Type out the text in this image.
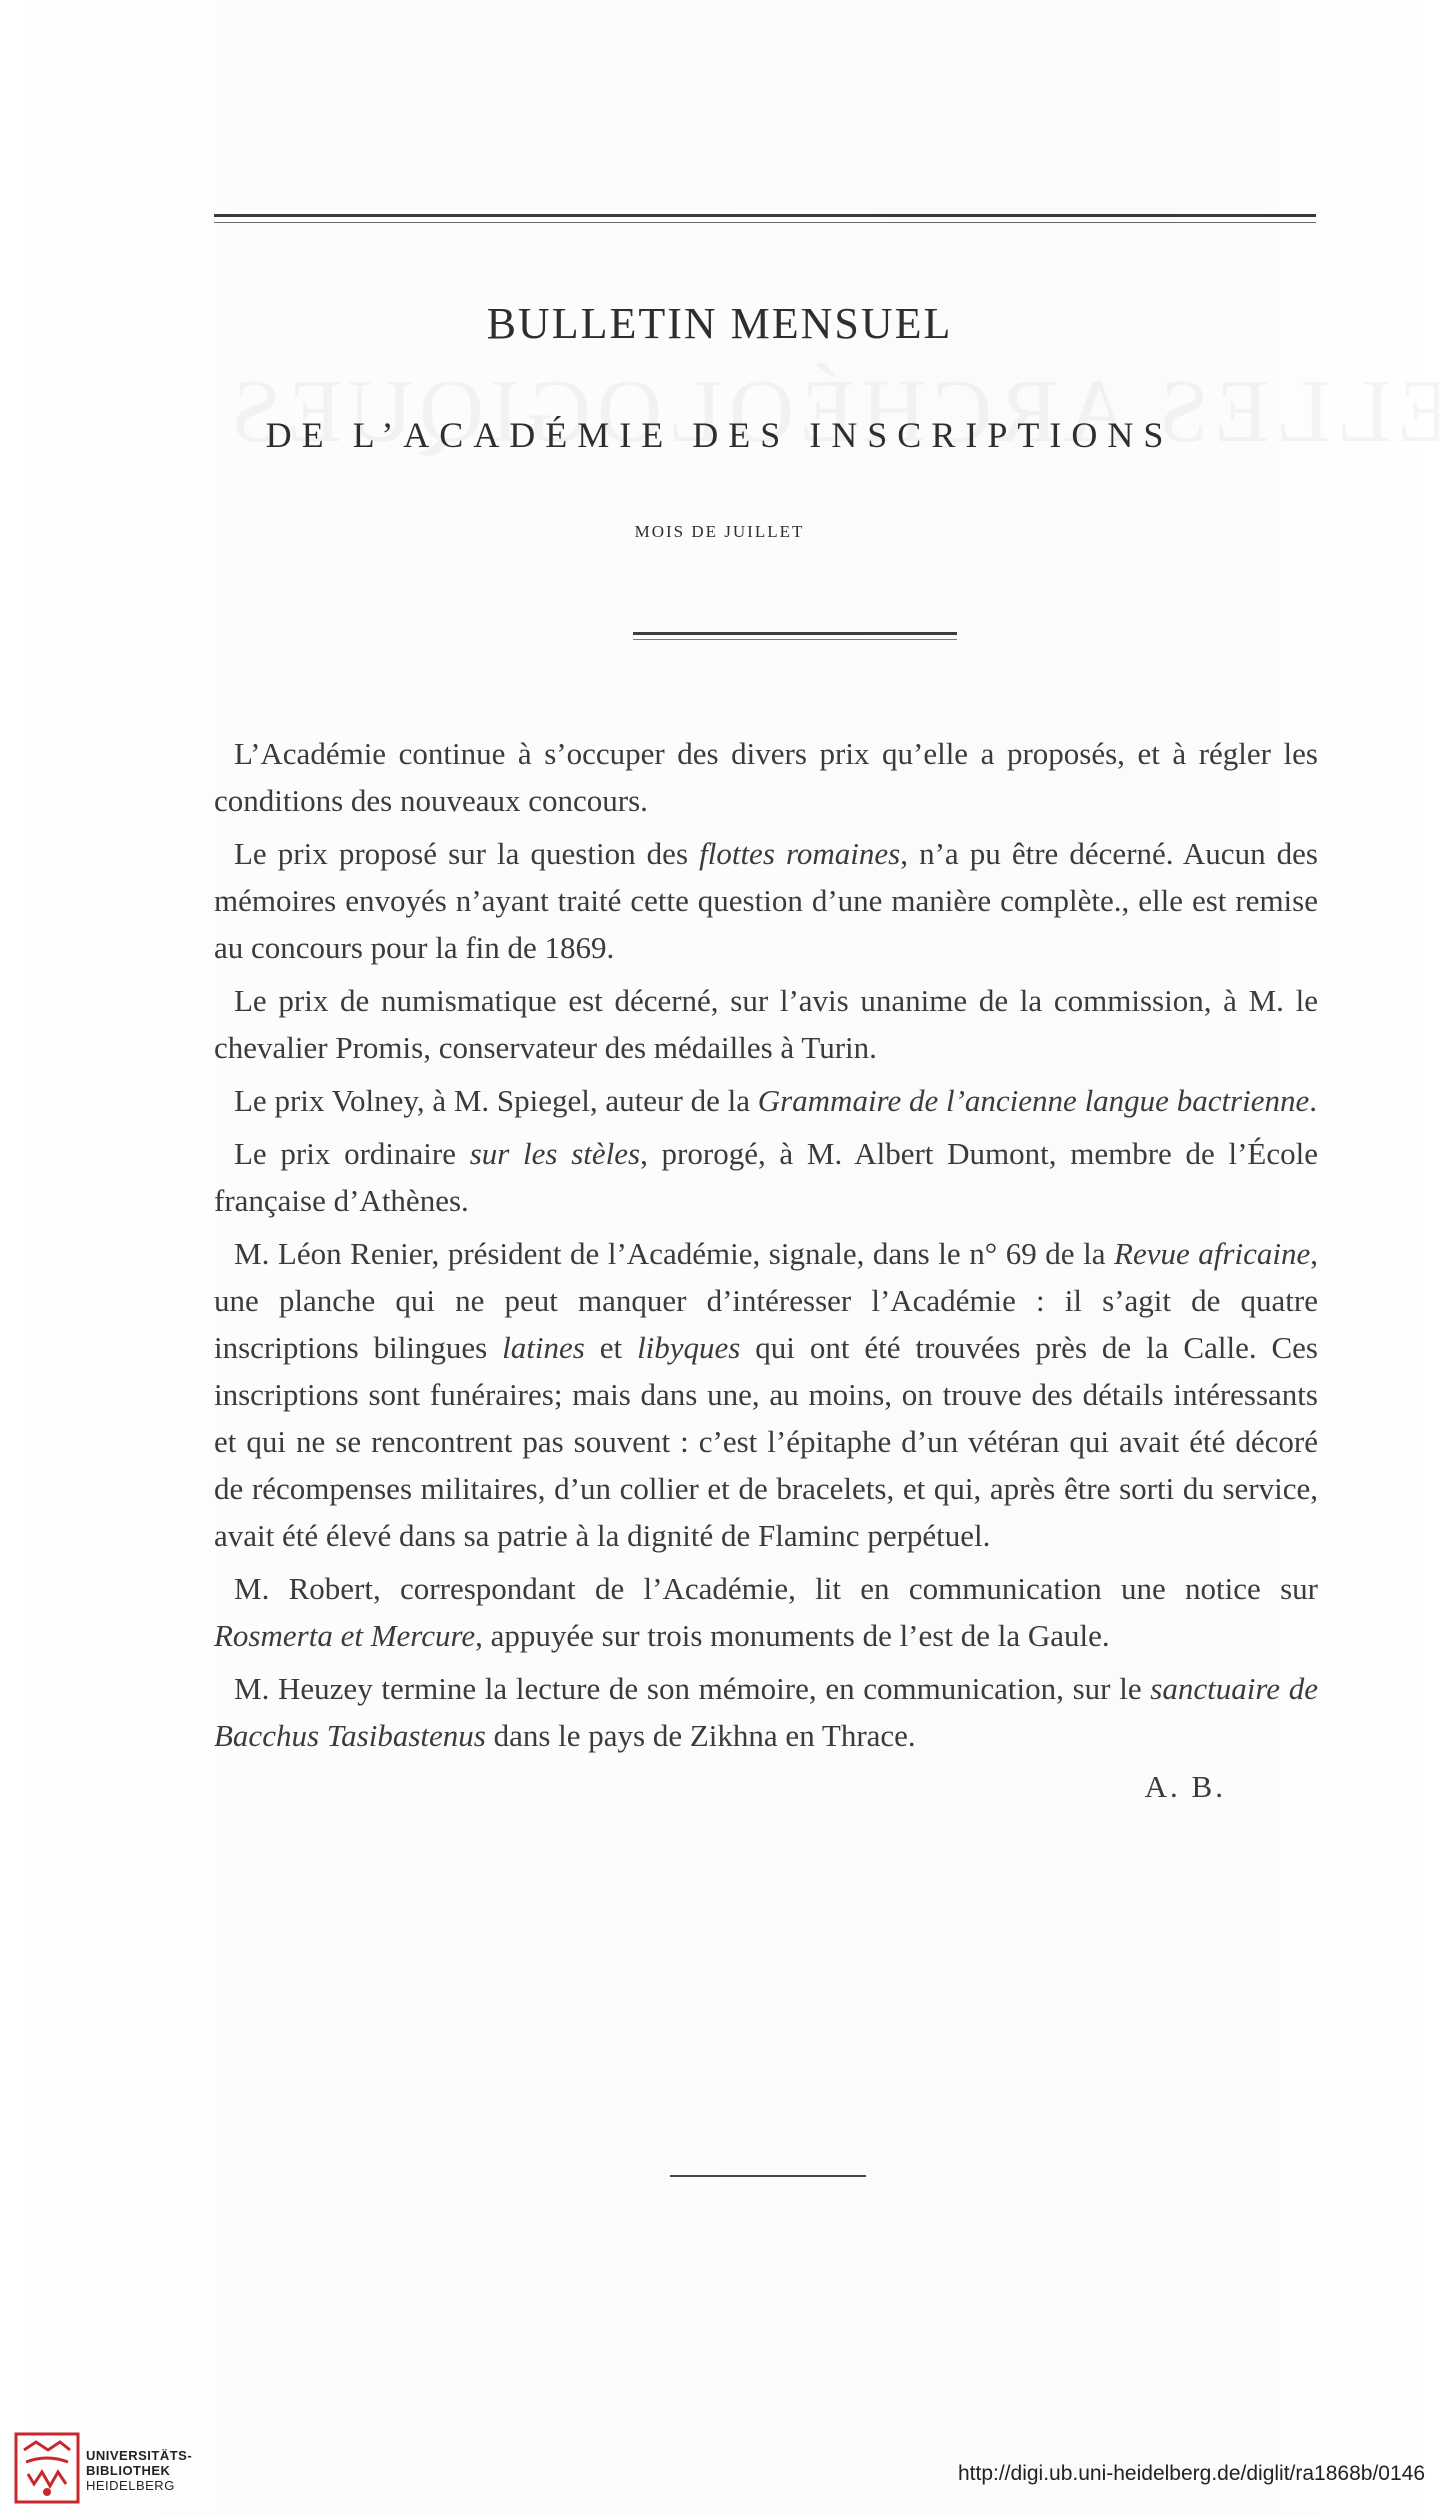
BULLETIN MENSUEL
DE L’ACADÉMIE DES INSCRIPTIONS
MOIS DE JUILLET

L’Académie continue à s’occuper des divers prix qu’elle a proposés, et à régler les conditions des nouveaux concours.

Le prix proposé sur la question des flottes romaines, n’a pu être décerné. Aucun des mémoires envoyés n’ayant traité cette question d’une manière complète., elle est remise au concours pour la fin de 1869.

Le prix de numismatique est décerné, sur l’avis unanime de la commission, à M. le chevalier Promis, conservateur des médailles à Turin.

Le prix Volney, à M. Spiegel, auteur de la Grammaire de l’ancienne langue bactrienne.

Le prix ordinaire sur les stèles, prorogé, à M. Albert Dumont, membre de l’École française d’Athènes.

M. Léon Renier, président de l’Académie, signale, dans le n° 69 de la Revue africaine, une planche qui ne peut manquer d’intéresser l’Académie : il s’agit de quatre inscriptions bilingues latines et libyques qui ont été trouvées près de la Calle. Ces inscriptions sont funéraires; mais dans une, au moins, on trouve des détails intéressants et qui ne se rencontrent pas souvent : c’est l’épitaphe d’un vétéran qui avait été décoré de récompenses militaires, d’un collier et de bracelets, et qui, après être sorti du service, avait été élevé dans sa patrie à la dignité de Flaminc perpétuel.

M. Robert, correspondant de l’Académie, lit en communication une notice sur Rosmerta et Mercure, appuyée sur trois monuments de l’est de la Gaule.

M. Heuzey termine la lecture de son mémoire, en communication, sur le sanctuaire de Bacchus Tasibastenus dans le pays de Zikhna en Thrace.

A. B.
UNIVERSITÄTS-
BIBLIOTHEK
HEIDELBERG
http://digi.ub.uni-heidelberg.de/diglit/ra1868b/0146
